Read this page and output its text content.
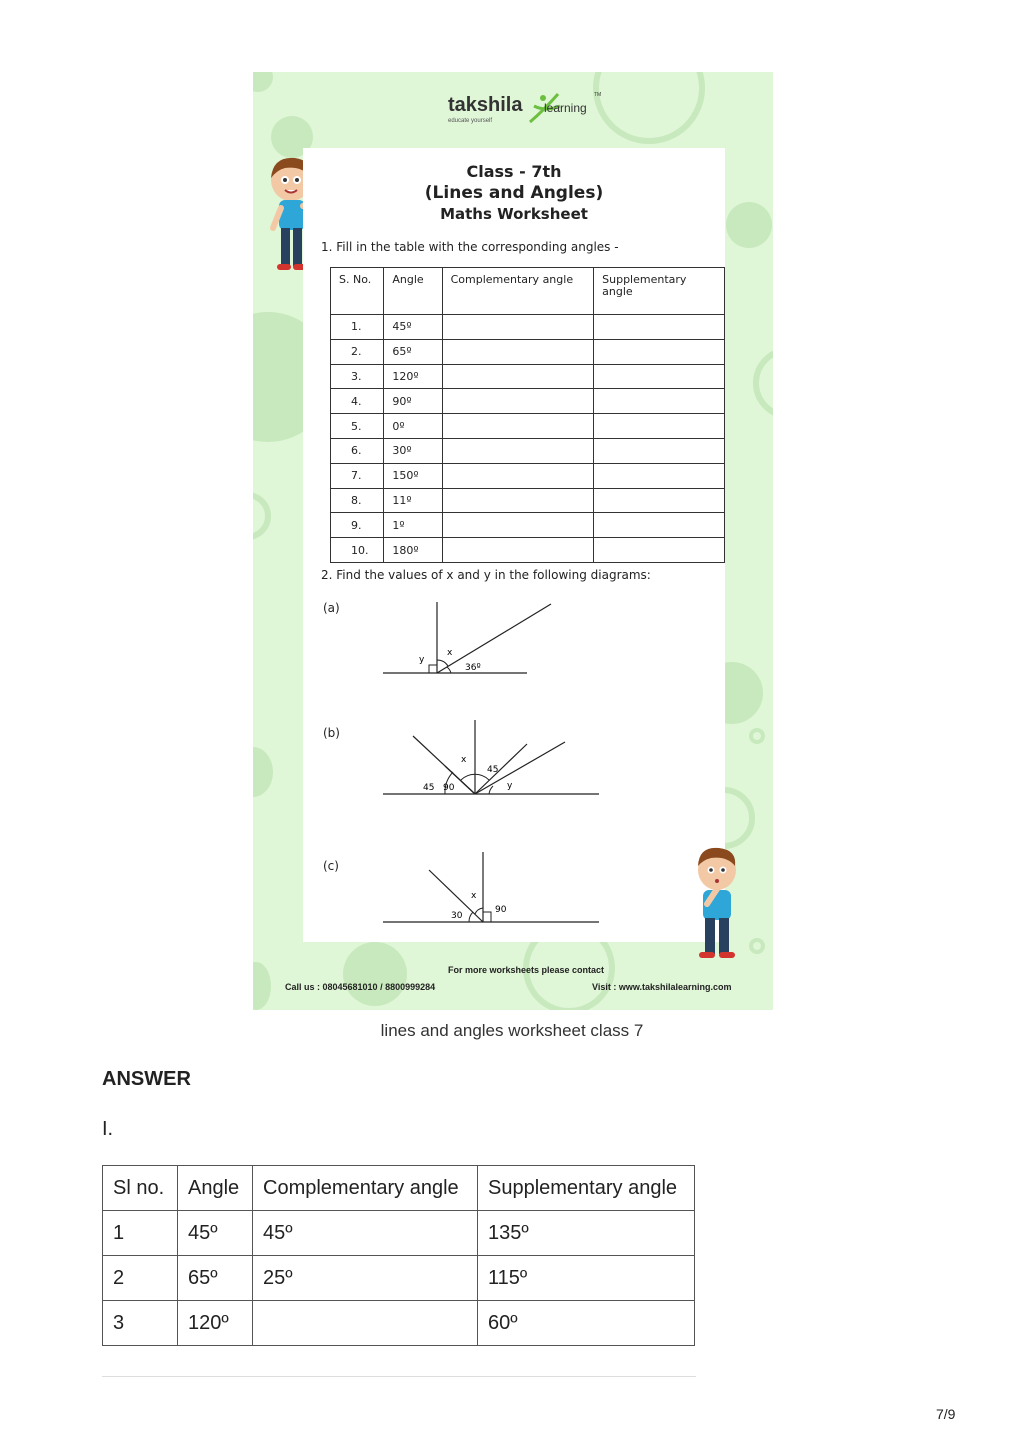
takshila learning
TM
educate yourself
Class - 7th
(Lines and Angles)
Maths Worksheet
1. Fill in the table with the corresponding angles -
S. No.	Angle	Complementary angle	Supplementary angle
1.	45º		
2.	65º		
3.	120º		
4.	90º		
5.	0º		
6.	30º		
7.	150º		
8.	11º		
9.	1º		
10.	180º		
2. Find the values of x and y in the following diagrams:
(a)
x
y
36º
(b)
x
45 90
45
y
(c)
x
30
90
For more worksheets please contact
Call us : 08045681010 / 8800999284	Visit : www.takshilalearning.com
lines and angles worksheet class 7
ANSWER
I.
Sl no.	Angle	Complementary angle	Supplementary angle
1	45º	45º	135º
2	65º	25º	115º
3	120º		60º
7/9
